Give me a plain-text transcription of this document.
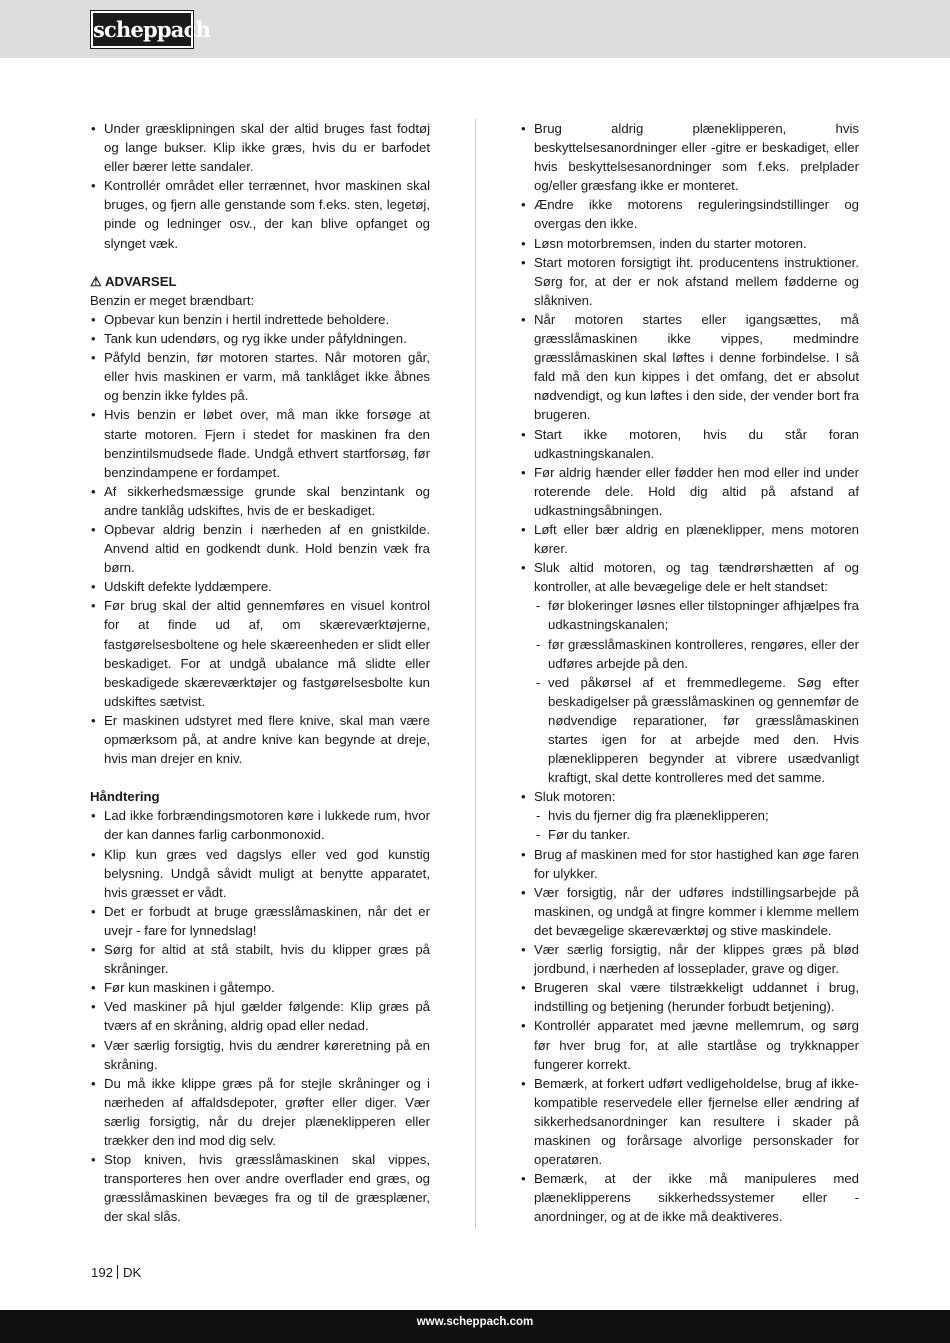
scheppach
• Under græsklipningen skal der altid bruges fast fodtøj og lange bukser. Klip ikke græs, hvis du er barfodet eller bærer lette sandaler.
• Kontrollér området eller terrænnet, hvor maskinen skal bruges, og fjern alle genstande som f.eks. sten, legetøj, pinde og ledninger osv., der kan blive opfanget og slynget væk.
⚠ ADVARSEL

Benzin er meget brændbart:

• Opbevar kun benzin i hertil indrettede beholdere.
• Tank kun udendørs, og ryg ikke under påfyldningen.
• Påfyld benzin, før motoren startes. Når motoren går, eller hvis maskinen er varm, må tanklåget ikke åbnes og benzin ikke fyldes på.
• Hvis benzin er løbet over, må man ikke forsøge at starte motoren. Fjern i stedet for maskinen fra den benzintilsmudsede flade. Undgå ethvert startforsøg, før benzindampene er fordampet.
• Af sikkerhedsmæssige grunde skal benzintank og andre tanklåg udskiftes, hvis de er beskadiget.
• Opbevar aldrig benzin i nærheden af en gnistkilde. Anvend altid en godkendt dunk. Hold benzin væk fra børn.
• Udskift defekte lyddæmpere.
• Før brug skal der altid gennemføres en visuel kontrol for at finde ud af, om skæreværktøjerne, fastgørelsesboltene og hele skæreenheden er slidt eller beskadiget. For at undgå ubalance må slidte eller beskadigede skæreværktøjer og fastgørelsesbolte kun udskiftes sætvist.
• Er maskinen udstyret med flere knive, skal man være opmærksom på, at andre knive kan begynde at dreje, hvis man drejer en kniv.
Håndtering
• Lad ikke forbrændingsmotoren køre i lukkede rum, hvor der kan dannes farlig carbonmonoxid.
• Klip kun græs ved dagslys eller ved god kunstig belysning. Undgå såvidt muligt at benytte apparatet, hvis græsset er vådt.
• Det er forbudt at bruge græsslåmaskinen, når det er uvejr - fare for lynnedslag!
• Sørg for altid at stå stabilt, hvis du klipper græs på skråninger.
• Før kun maskinen i gåtempo.
• Ved maskiner på hjul gælder følgende: Klip græs på tværs af en skråning, aldrig opad eller nedad.
• Vær særlig forsigtig, hvis du ændrer køreretning på en skråning.
• Du må ikke klippe græs på for stejle skråninger og i nærheden af affaldsdepoter, grøfter eller diger. Vær særlig forsigtig, når du drejer plæneklipperen eller trækker den ind mod dig selv.
• Stop kniven, hvis græsslåmaskinen skal vippes, transporteres hen over andre overflader end græs, og græsslåmaskinen bevæges fra og til de græsplæner, der skal slås.
• Brug aldrig plæneklipperen, hvis beskyttelsesanordninger eller -gitre er beskadiget, eller hvis beskyttelsesanordninger som f.eks. prelplader og/eller græsfang ikke er monteret.
• Ændre ikke motorens reguleringsindstillinger og overgas den ikke.
• Løsn motorbremsen, inden du starter motoren.
• Start motoren forsigtigt iht. producentens instruktioner. Sørg for, at der er nok afstand mellem fødderne og slåkniven.
• Når motoren startes eller igangsættes, må græsslåmaskinen ikke vippes, medmindre græsslåmaskinen skal løftes i denne forbindelse. I så fald må den kun kippes i det omfang, det er absolut nødvendigt, og kun løftes i den side, der vender bort fra brugeren.
• Start ikke motoren, hvis du står foran udkastningskanalen.
• Før aldrig hænder eller fødder hen mod eller ind under roterende dele. Hold dig altid på afstand af udkastningsåbningen.
• Løft eller bær aldrig en plæneklipper, mens motoren kører.
• Sluk altid motoren, og tag tændrørshætten af og kontroller, at alle bevægelige dele er helt standset:
- før blokeringer løsnes eller tilstopninger afhjælpes fra udkastningskanalen;
- før græsslåmaskinen kontrolleres, rengøres, eller der udføres arbejde på den.
- ved påkørsel af et fremmedlegeme. Søg efter beskadigelser på græsslåmaskinen og gennemfør de nødvendige reparationer, før græsslåmaskinen startes igen for at arbejde med den. Hvis plæneklipperen begynder at vibrere usædvanligt kraftigt, skal dette kontrolleres med det samme.
• Sluk motoren:
- hvis du fjerner dig fra plæneklipperen;
- Før du tanker.
• Brug af maskinen med for stor hastighed kan øge faren for ulykker.
• Vær forsigtig, når der udføres indstillingsarbejde på maskinen, og undgå at fingre kommer i klemme mellem det bevægelige skæreværktøj og stive maskindele.
• Vær særlig forsigtig, når der klippes græs på blød jordbund, i nærheden af losseplader, grave og diger.
• Brugeren skal være tilstrækkeligt uddannet i brug, indstilling og betjening (herunder forbudt betjening).
• Kontrollér apparatet med jævne mellemrum, og sørg før hver brug for, at alle startlåse og trykknapper fungerer korrekt.
• Bemærk, at forkert udført vedligeholdelse, brug af ikke-kompatible reservedele eller fjernelse eller ændring af sikkerhedsanordninger kan resultere i skader på maskinen og forårsage alvorlige personskader for operatøren.
• Bemærk, at der ikke må manipuleres med plæneklipperens sikkerhedssystemer eller -anordninger, og at de ikke må deaktiveres.
192 DK
www.scheppach.com
